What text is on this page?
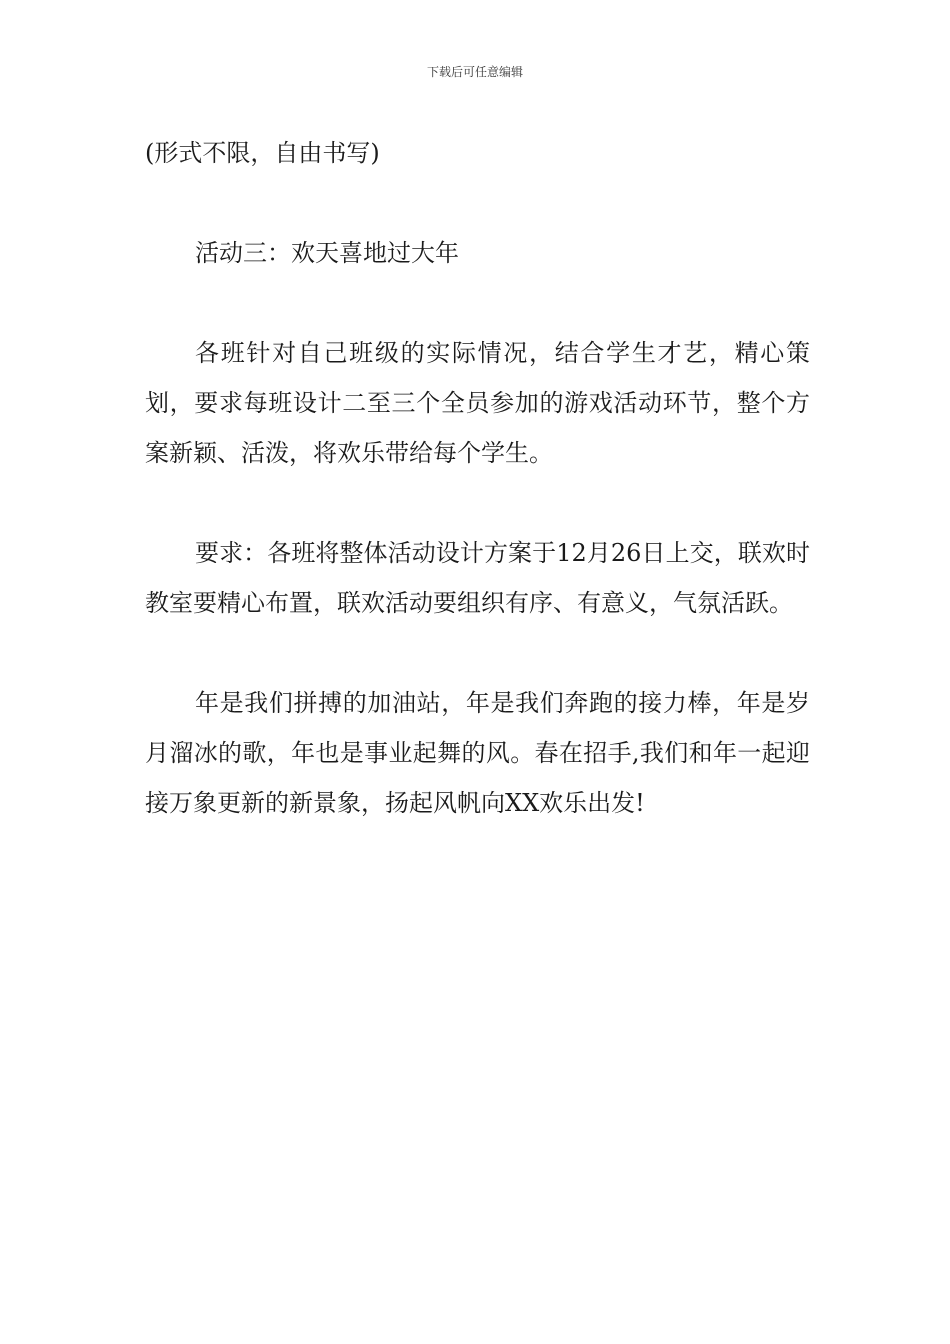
下载后可任意编辑

(形式不限，自由书写)

活动三：欢天喜地过大年

各班针对自己班级的实际情况，结合学生才艺，精心策划，要求每班设计二至三个全员参加的游戏活动环节，整个方案新颖、活泼，将欢乐带给每个学生。

要求：各班将整体活动设计方案于12月26日上交，联欢时教室要精心布置，联欢活动要组织有序、有意义，气氛活跃。

年是我们拼搏的加油站，年是我们奔跑的接力棒，年是岁月溜冰的歌，年也是事业起舞的风。春在招手,我们和年一起迎接万象更新的新景象，扬起风帆向XX欢乐出发!
